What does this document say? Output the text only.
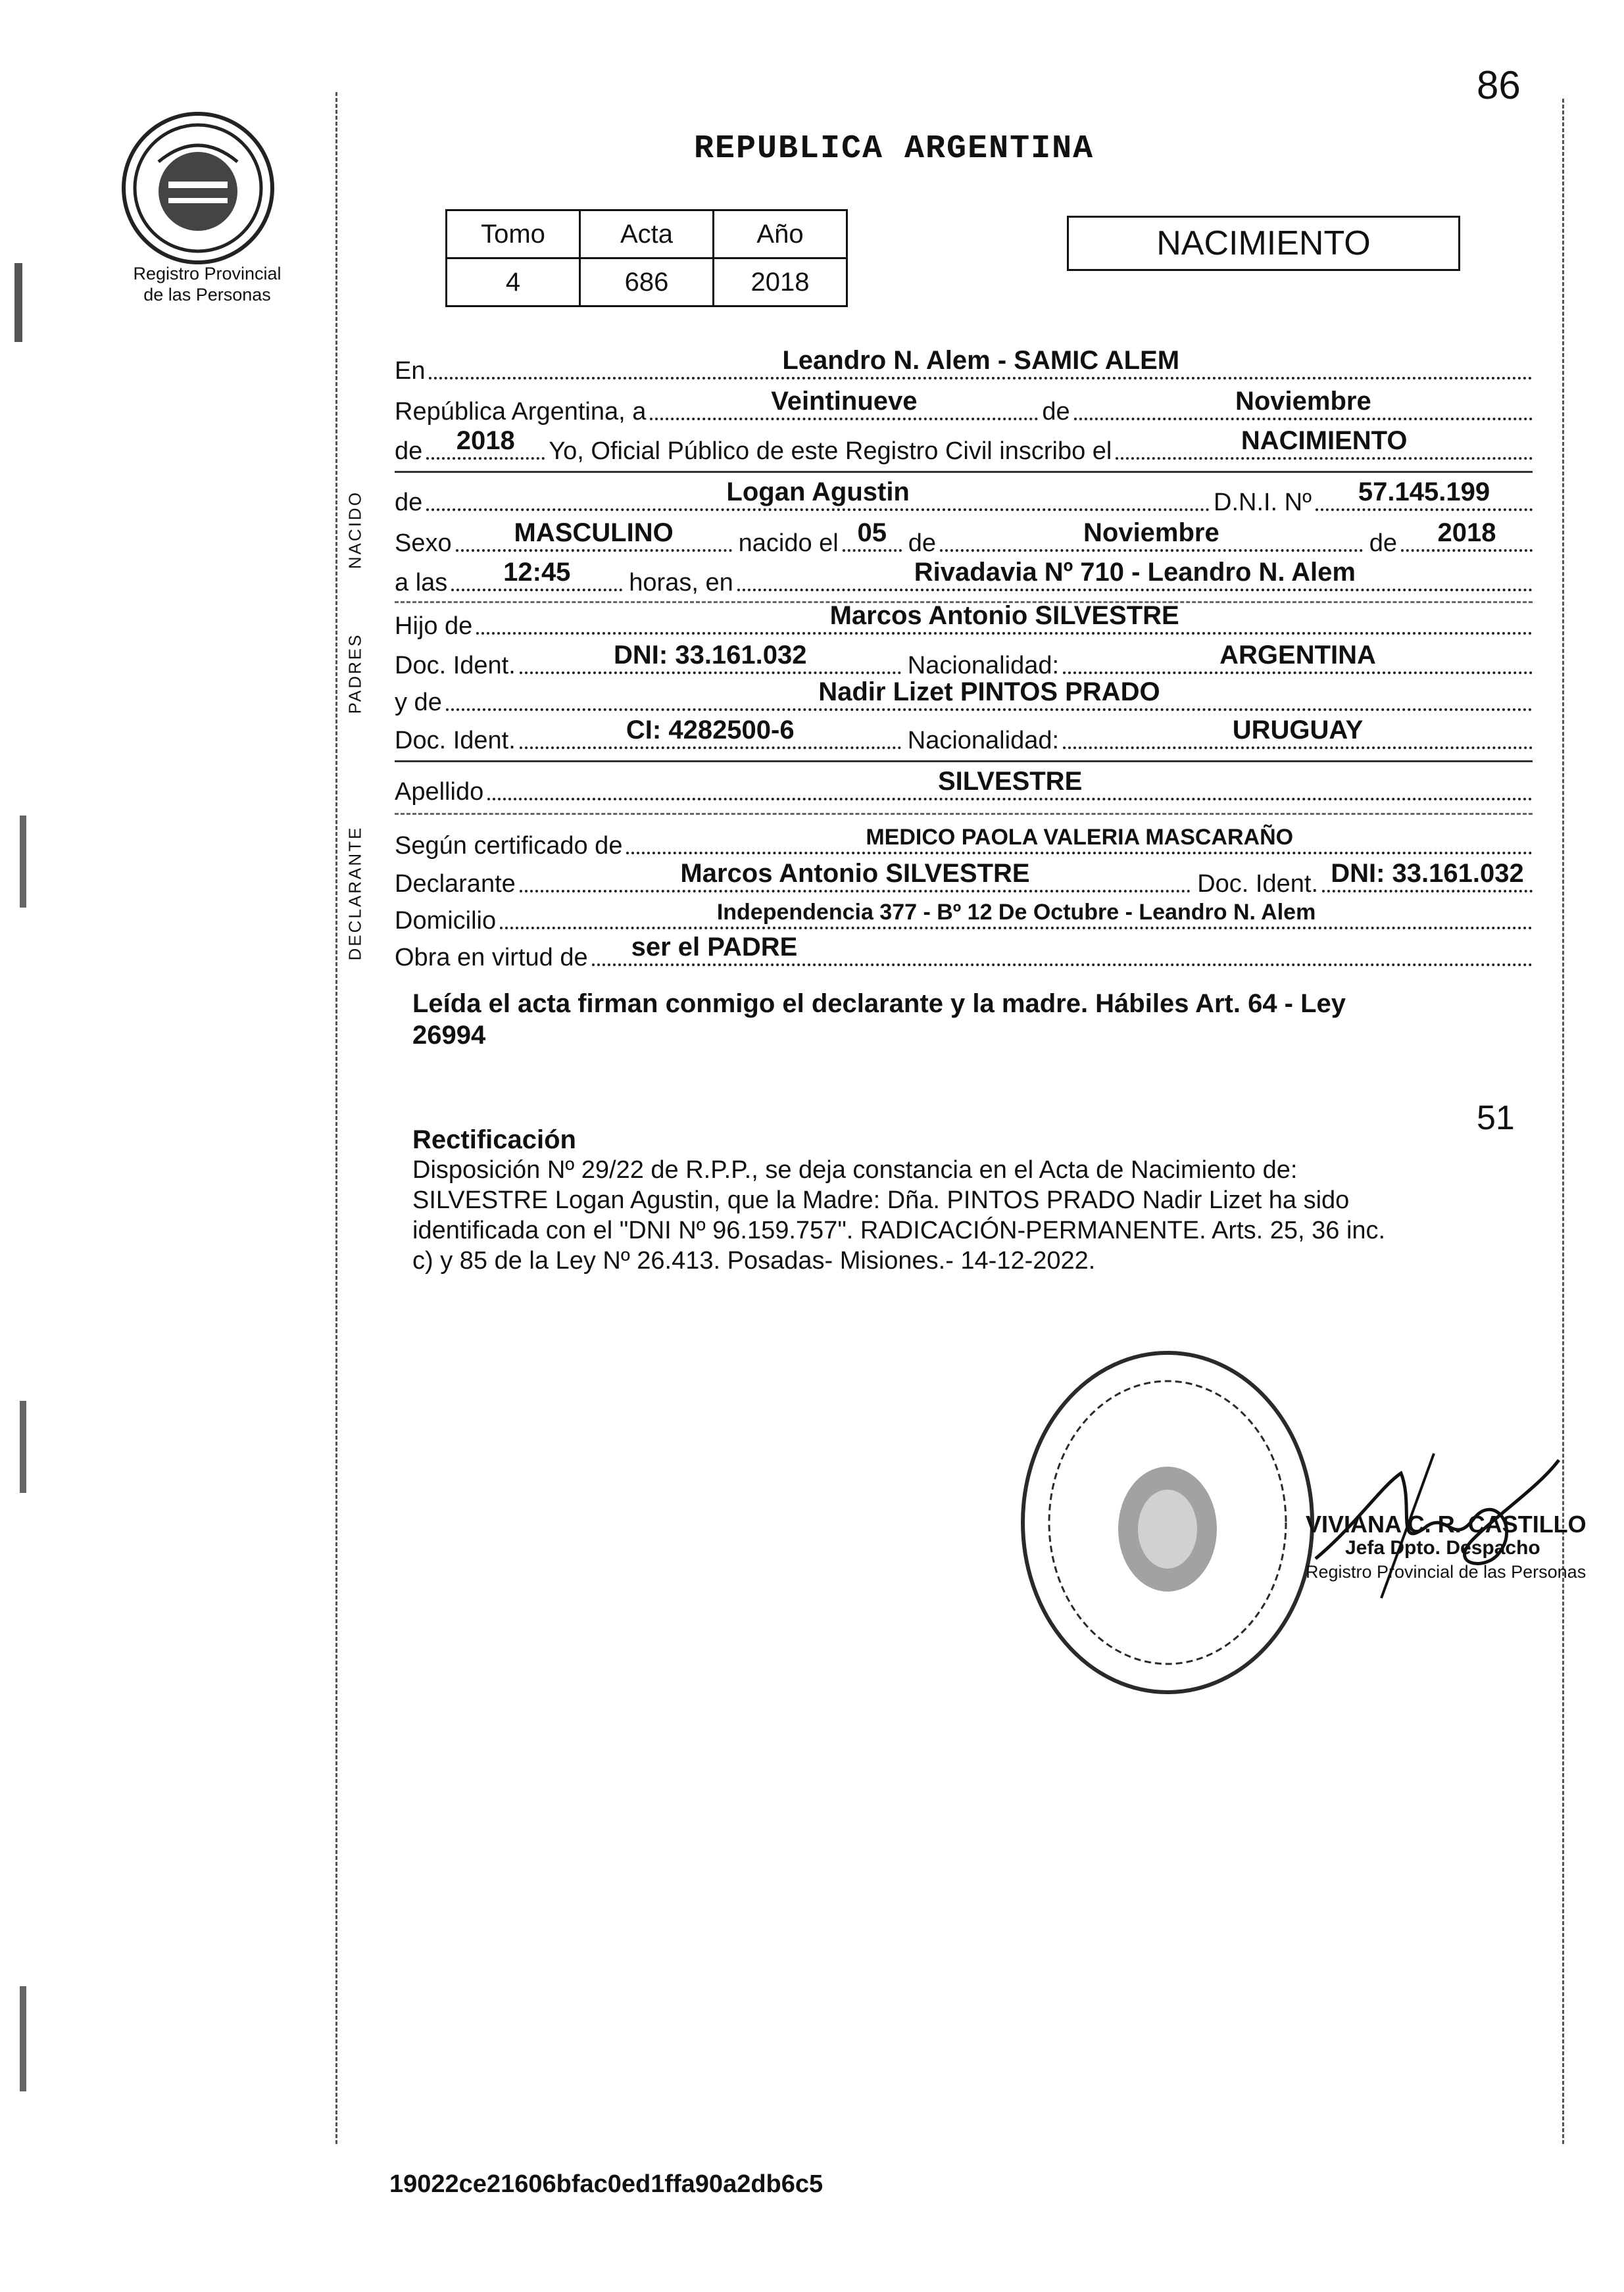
86
Registro Provincial
de las Personas
REPUBLICA ARGENTINA
Tomo	Acta	Año
4	686	2018
NACIMIENTO
En	Leandro N. Alem - SAMIC ALEM
República Argentina, a	Veintinueve	de	Noviembre
de	2018	Yo, Oficial Público de este Registro Civil inscribo el	NACIMIENTO
NACIDO de	Logan Agustin	D.N.I. Nº	57.145.199
Sexo	MASCULINO	nacido el 05 de	Noviembre	de	2018
a las	12:45	horas, en	Rivadavia Nº 710 - Leandro N. Alem
PADRES
Hijo de	Marcos Antonio SILVESTRE
Doc. Ident.	DNI: 33.161.032	Nacionalidad:	ARGENTINA
y de	Nadir Lizet PINTOS PRADO
Doc. Ident.	CI: 4282500-6	Nacionalidad:	URUGUAY
Apellido	SILVESTRE
DECLARANTE Según certificado de	MEDICO PAOLA VALERIA MASCARAÑO
Declarante	Marcos Antonio SILVESTRE	Doc. Ident. DNI: 33.161.032
Domicilio	Independencia 377 - Bº 12 De Octubre - Leandro N. Alem
Obra en virtud de	ser el PADRE
Leída el acta firman conmigo el declarante y la madre. Hábiles Art. 64 - Ley
26994
51
Rectificación
Disposición Nº 29/22 de R.P.P., se deja constancia en el Acta de Nacimiento de:
SILVESTRE Logan Agustin, que la Madre: Dña. PINTOS PRADO Nadir Lizet ha sido
identificada con el "DNI Nº 96.159.757". RADICACIÓN-PERMANENTE. Arts. 25, 36 inc.
c) y 85 de la Ley Nº 26.413. Posadas- Misiones.- 14-12-2022.
VIVIANA C. R. CASTILLO
Jefa Dpto. Despacho
Registro Provincial de las Personas
19022ce21606bfac0ed1ffa90a2db6c5
